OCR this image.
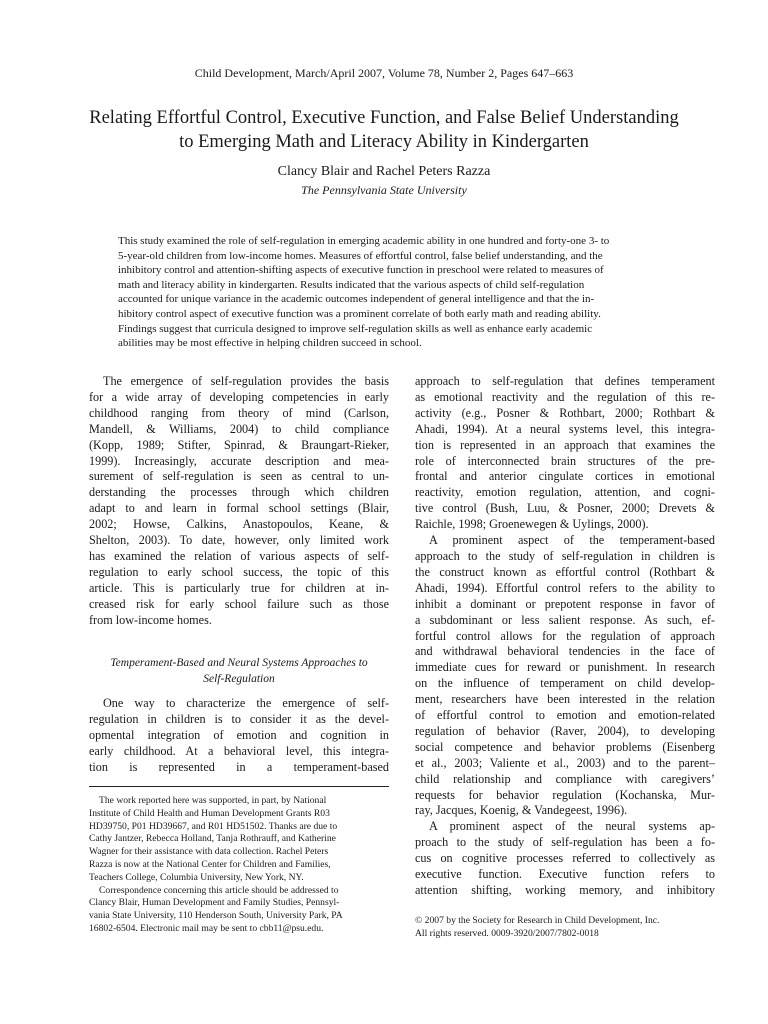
Child Development, March/April 2007, Volume 78, Number 2, Pages 647–663
Relating Effortful Control, Executive Function, and False Belief Understanding
to Emerging Math and Literacy Ability in Kindergarten
Clancy Blair and Rachel Peters Razza
The Pennsylvania State University
This study examined the role of self-regulation in emerging academic ability in one hundred and forty-one 3- to
5-year-old children from low-income homes. Measures of effortful control, false belief understanding, and the
inhibitory control and attention-shifting aspects of executive function in preschool were related to measures of
math and literacy ability in kindergarten. Results indicated that the various aspects of child self-regulation
accounted for unique variance in the academic outcomes independent of general intelligence and that the in-
hibitory control aspect of executive function was a prominent correlate of both early math and reading ability.
Findings suggest that curricula designed to improve self-regulation skills as well as enhance early academic
abilities may be most effective in helping children succeed in school.
The emergence of self-regulation provides the basis
for a wide array of developing competencies in early
childhood ranging from theory of mind (Carlson,
Mandell, & Williams, 2004) to child compliance
(Kopp, 1989; Stifter, Spinrad, & Braungart-Rieker,
1999). Increasingly, accurate description and mea-
surement of self-regulation is seen as central to un-
derstanding the processes through which children
adapt to and learn in formal school settings (Blair,
2002; Howse, Calkins, Anastopoulos, Keane, &
Shelton, 2003). To date, however, only limited work
has examined the relation of various aspects of self-
regulation to early school success, the topic of this
article. This is particularly true for children at in-
creased risk for early school failure such as those
from low-income homes.
Temperament-Based and Neural Systems Approaches to
Self-Regulation
One way to characterize the emergence of self-
regulation in children is to consider it as the devel-
opmental integration of emotion and cognition in
early childhood. At a behavioral level, this integra-
tion is represented in a temperament-based
The work reported here was supported, in part, by National
Institute of Child Health and Human Development Grants R03
HD39750, P01 HD39667, and R01 HD51502. Thanks are due to
Cathy Jantzer, Rebecca Holland, Tanja Rothrauff, and Katherine
Wagner for their assistance with data collection. Rachel Peters
Razza is now at the National Center for Children and Families,
Teachers College, Columbia University, New York, NY.
Correspondence concerning this article should be addressed to
Clancy Blair, Human Development and Family Studies, Pennsyl-
vania State University, 110 Henderson South, University Park, PA
16802-6504. Electronic mail may be sent to cbb11@psu.edu.
approach to self-regulation that defines temperament
as emotional reactivity and the regulation of this re-
activity (e.g., Posner & Rothbart, 2000; Rothbart &
Ahadi, 1994). At a neural systems level, this integra-
tion is represented in an approach that examines the
role of interconnected brain structures of the pre-
frontal and anterior cingulate cortices in emotional
reactivity, emotion regulation, attention, and cogni-
tive control (Bush, Luu, & Posner, 2000; Drevets &
Raichle, 1998; Groenewegen & Uylings, 2000).
A prominent aspect of the temperament-based
approach to the study of self-regulation in children is
the construct known as effortful control (Rothbart &
Ahadi, 1994). Effortful control refers to the ability to
inhibit a dominant or prepotent response in favor of
a subdominant or less salient response. As such, ef-
fortful control allows for the regulation of approach
and withdrawal behavioral tendencies in the face of
immediate cues for reward or punishment. In research
on the influence of temperament on child develop-
ment, researchers have been interested in the relation
of effortful control to emotion and emotion-related
regulation of behavior (Raver, 2004), to developing
social competence and behavior problems (Eisenberg
et al., 2003; Valiente et al., 2003) and to the parent–
child relationship and compliance with caregivers’
requests for behavior regulation (Kochanska, Mur-
ray, Jacques, Koenig, & Vandegeest, 1996).
A prominent aspect of the neural systems ap-
proach to the study of self-regulation has been a fo-
cus on cognitive processes referred to collectively as
executive function. Executive function refers to
attention shifting, working memory, and inhibitory
© 2007 by the Society for Research in Child Development, Inc.
All rights reserved. 0009-3920/2007/7802-0018
